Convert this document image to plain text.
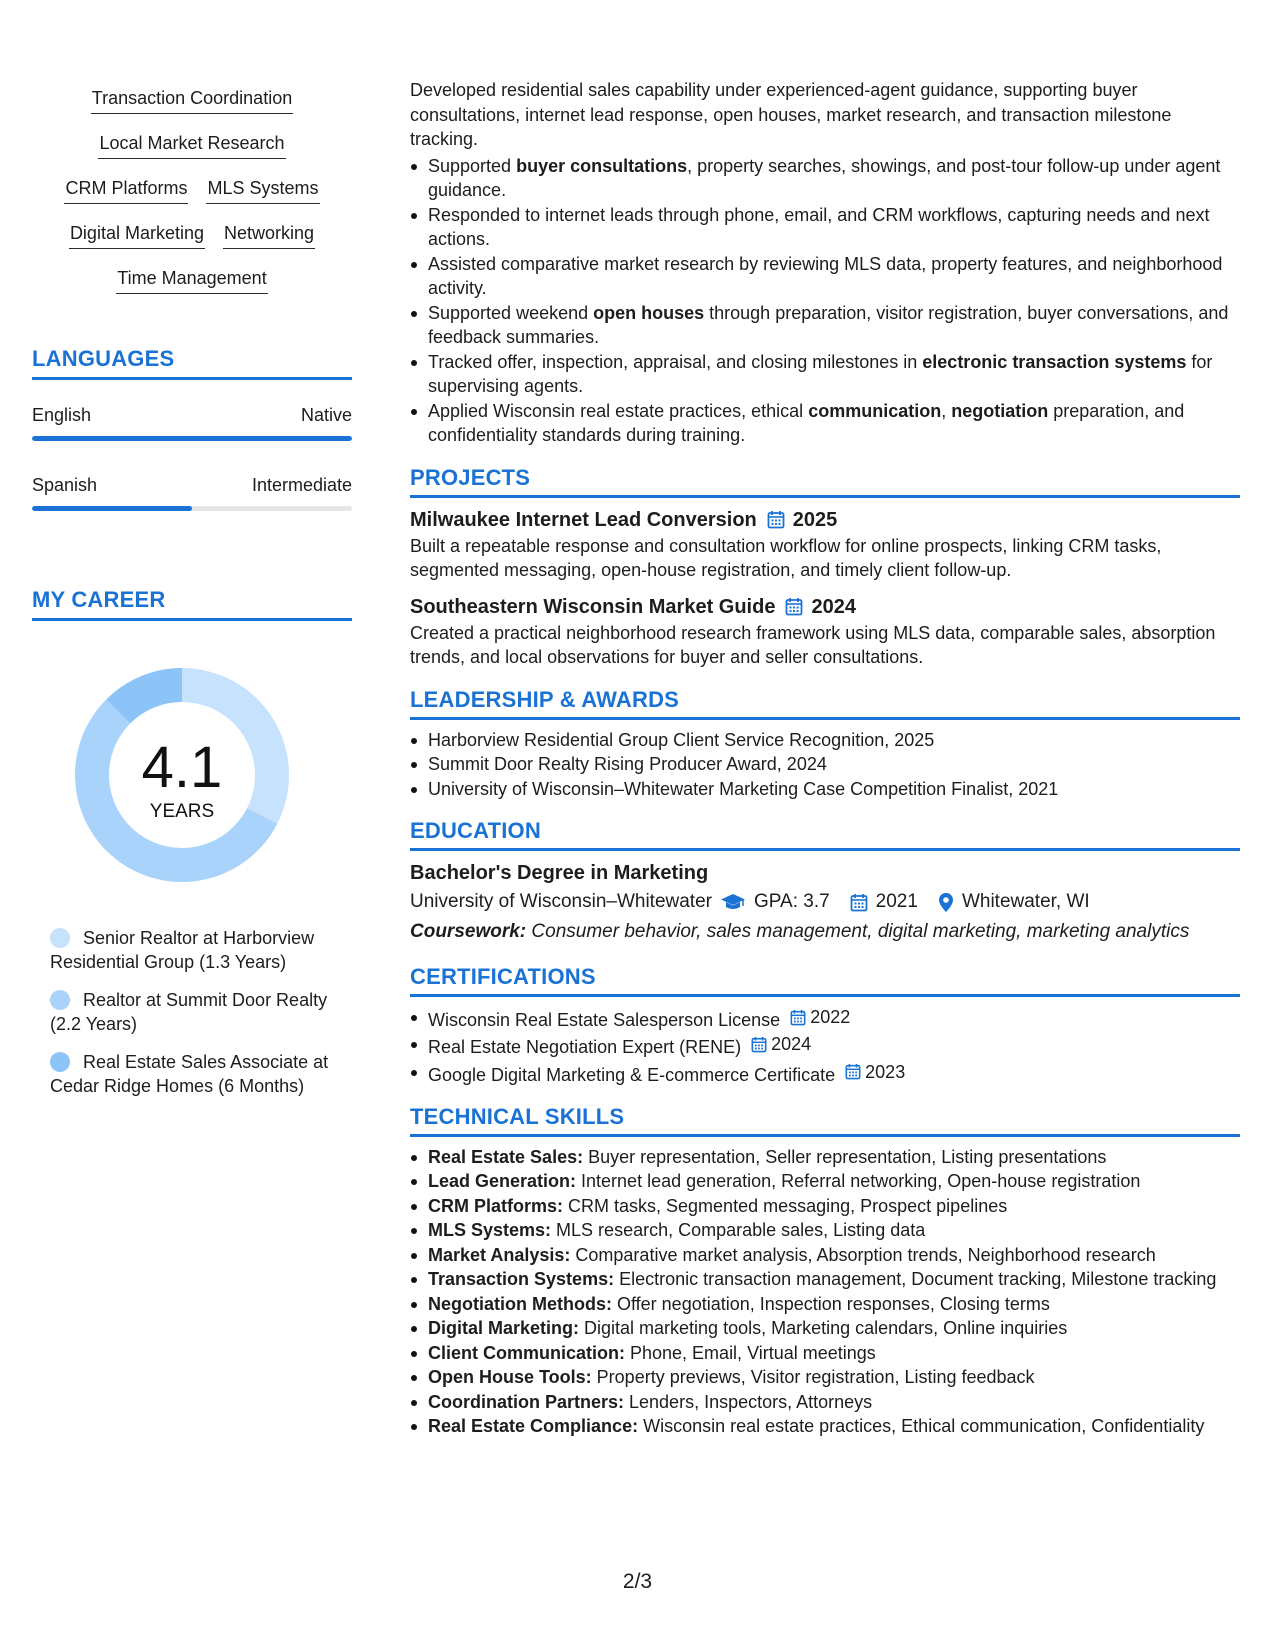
Transaction Coordination
Local Market Research
CRM Platforms MLS Systems
Digital Marketing Networking
Time Management
LANGUAGES
English	Native
Spanish	Intermediate
MY CAREER
4.1
YEARS
Senior Realtor at Harborview Residential Group (1.3 Years)
Realtor at Summit Door Realty (2.2 Years)
Real Estate Sales Associate at Cedar Ridge Homes (6 Months)

Developed residential sales capability under experienced-agent guidance, supporting buyer consultations, internet lead response, open houses, market research, and transaction milestone tracking.

Supported buyer consultations, property searches, showings, and post-tour follow-up under agent guidance.
Responded to internet leads through phone, email, and CRM workflows, capturing needs and next actions.
Assisted comparative market research by reviewing MLS data, property features, and neighborhood activity.
Supported weekend open houses through preparation, visitor registration, buyer conversations, and feedback summaries.
Tracked offer, inspection, appraisal, and closing milestones in electronic transaction systems for supervising agents.
Applied Wisconsin real estate practices, ethical communication, negotiation preparation, and confidentiality standards during training.
PROJECTS
Milwaukee Internet Lead Conversion 2025

Built a repeatable response and consultation workflow for online prospects, linking CRM tasks, segmented messaging, open-house registration, and timely client follow-up.

Southeastern Wisconsin Market Guide 2024

Created a practical neighborhood research framework using MLS data, comparable sales, absorption trends, and local observations for buyer and seller consultations.

LEADERSHIP & AWARDS
Harborview Residential Group Client Service Recognition, 2025
Summit Door Realty Rising Producer Award, 2024
University of Wisconsin–Whitewater Marketing Case Competition Finalist, 2021
EDUCATION
Bachelor's Degree in Marketing
University of Wisconsin–Whitewater GPA: 3.7 2021 Whitewater, WI
Coursework: Consumer behavior, sales management, digital marketing, marketing analytics
CERTIFICATIONS
Wisconsin Real Estate Salesperson License 2022
Real Estate Negotiation Expert (RENE) 2024
Google Digital Marketing & E-commerce Certificate 2023
TECHNICAL SKILLS
Real Estate Sales: Buyer representation, Seller representation, Listing presentations
Lead Generation: Internet lead generation, Referral networking, Open-house registration
CRM Platforms: CRM tasks, Segmented messaging, Prospect pipelines
MLS Systems: MLS research, Comparable sales, Listing data
Market Analysis: Comparative market analysis, Absorption trends, Neighborhood research
Transaction Systems: Electronic transaction management, Document tracking, Milestone tracking
Negotiation Methods: Offer negotiation, Inspection responses, Closing terms
Digital Marketing: Digital marketing tools, Marketing calendars, Online inquiries
Client Communication: Phone, Email, Virtual meetings
Open House Tools: Property previews, Visitor registration, Listing feedback
Coordination Partners: Lenders, Inspectors, Attorneys
Real Estate Compliance: Wisconsin real estate practices, Ethical communication, Confidentiality
2/3
